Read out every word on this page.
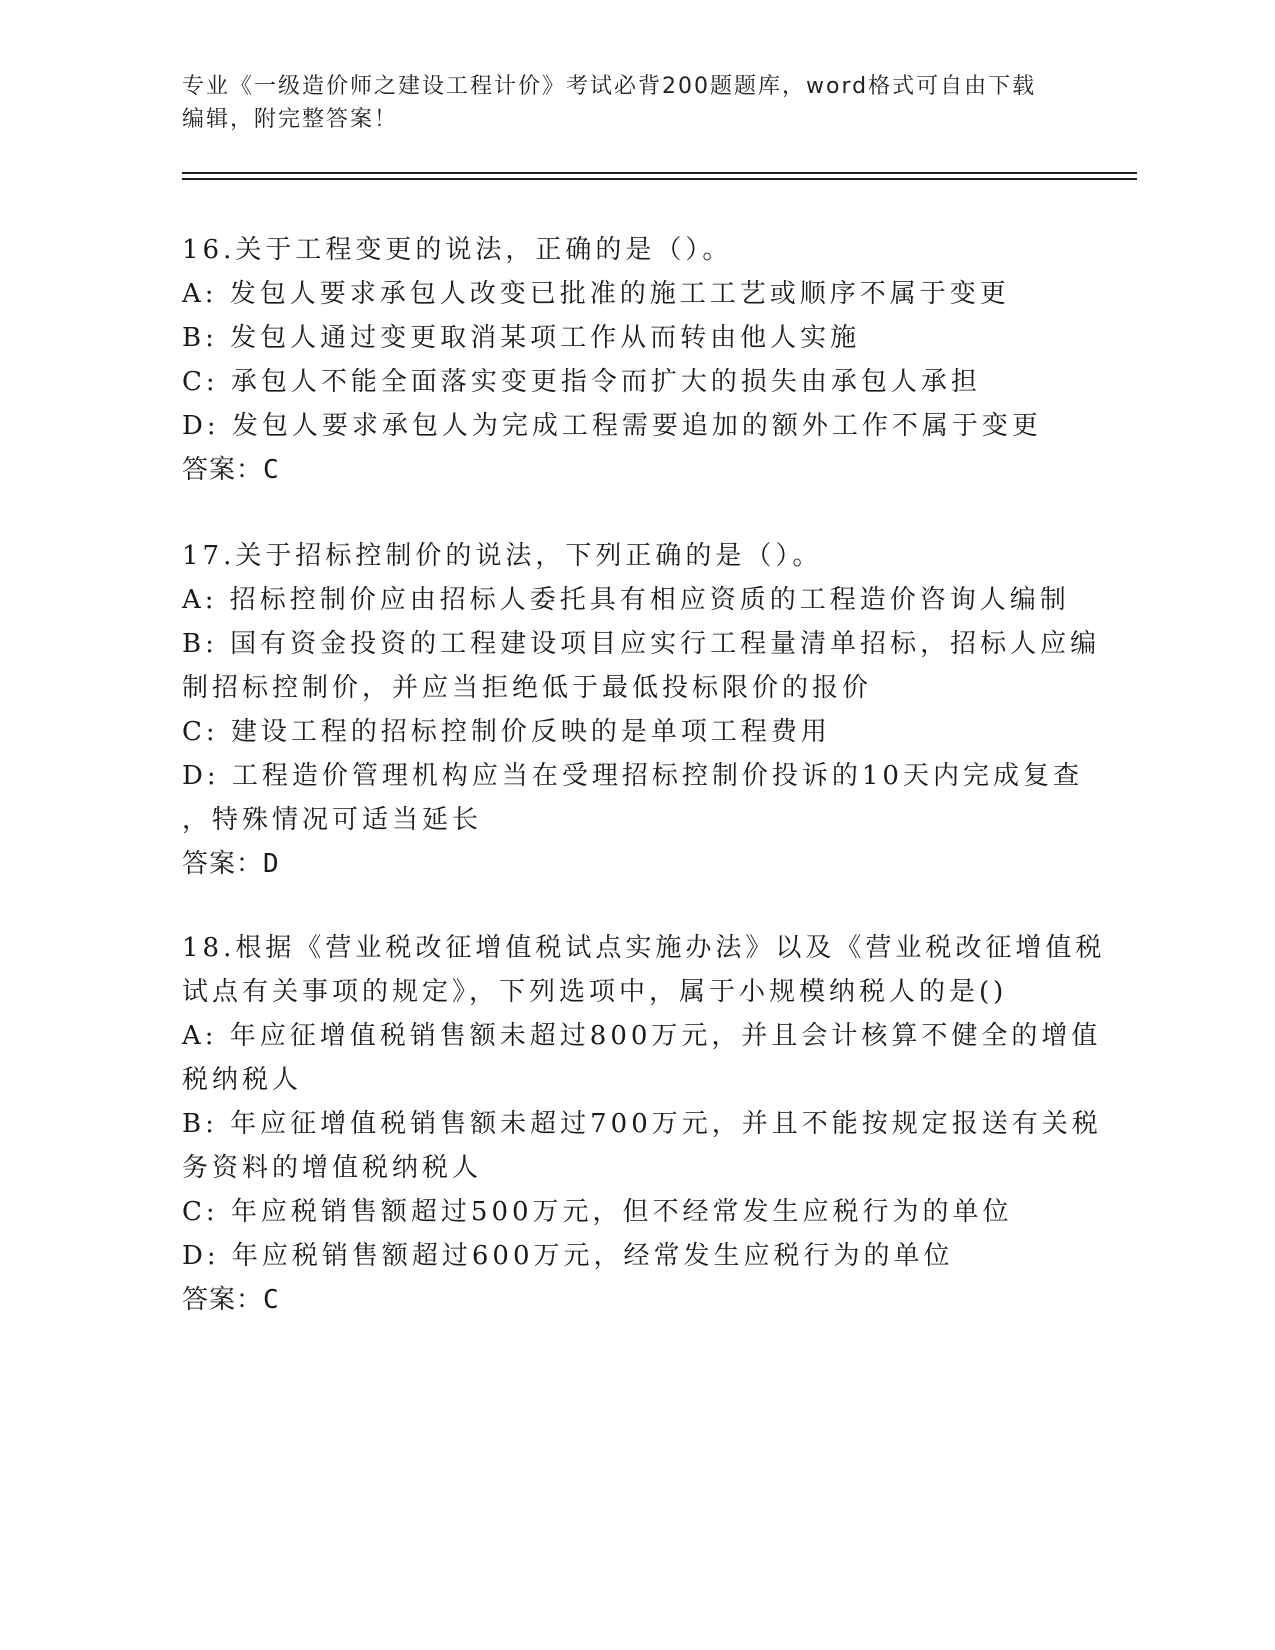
专业《一级造价师之建设工程计价》考试必背200题题库，word格式可自由下载
编辑，附完整答案！
16.关于工程变更的说法，正确的是（）。
A: 发包人要求承包人改变已批准的施工工艺或顺序不属于变更
B: 发包人通过变更取消某项工作从而转由他人实施
C: 承包人不能全面落实变更指令而扩大的损失由承包人承担
D: 发包人要求承包人为完成工程需要追加的额外工作不属于变更
答案：C
17.关于招标控制价的说法，下列正确的是（）。
A: 招标控制价应由招标人委托具有相应资质的工程造价咨询人编制
B: 国有资金投资的工程建设项目应实行工程量清单招标，招标人应编
制招标控制价，并应当拒绝低于最低投标限价的报价
C: 建设工程的招标控制价反映的是单项工程费用
D: 工程造价管理机构应当在受理招标控制价投诉的10天内完成复查
，特殊情况可适当延长
答案：D
18.根据《营业税改征增值税试点实施办法》以及《营业税改征增值税
试点有关事项的规定》，下列选项中，属于小规模纳税人的是()
A: 年应征增值税销售额未超过800万元，并且会计核算不健全的增值
税纳税人
B: 年应征增值税销售额未超过700万元，并且不能按规定报送有关税
务资料的增值税纳税人
C: 年应税销售额超过500万元，但不经常发生应税行为的单位
D: 年应税销售额超过600万元，经常发生应税行为的单位
答案：C
